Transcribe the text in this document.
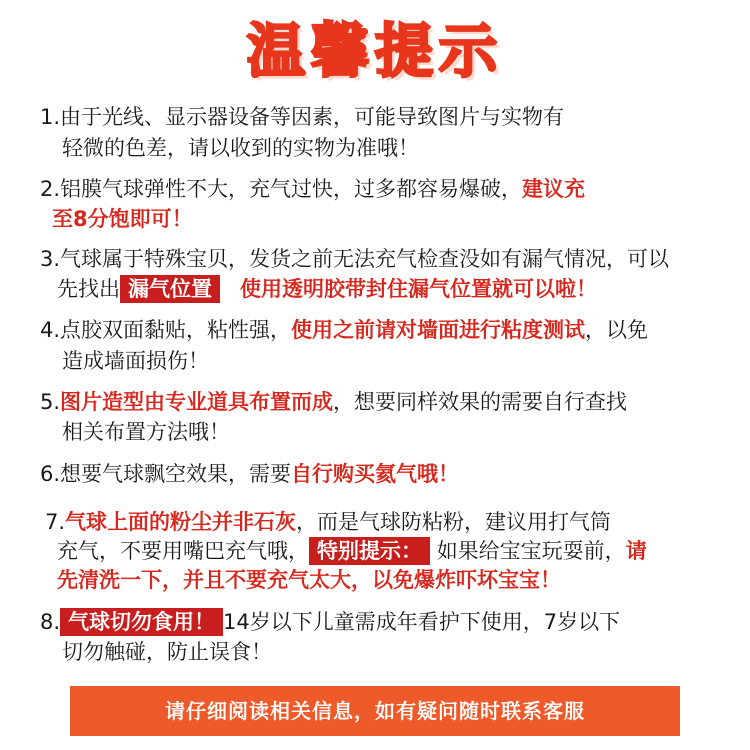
温馨提示
1.由于光线、显示器设备等因素，可能导致图片与实物有
轻微的色差，请以收到的实物为准哦！
2.铝膜气球弹性不大，充气过快，过多都容易爆破，建议充
至8分饱即可！
3.气球属于特殊宝贝，发货之前无法充气检查没如有漏气情况，可以
先找出 漏气位置 使用透明胶带封住漏气位置就可以啦！
4.点胶双面黏贴，粘性强，使用之前请对墙面进行粘度测试，以免
造成墙面损伤！
5.图片造型由专业道具布置而成，想要同样效果的需要自行查找
相关布置方法哦！
6.想要气球飘空效果，需要自行购买氦气哦！
7.气球上面的粉尘并非石灰，而是气球防粘粉，建议用打气筒
充气，不要用嘴巴充气哦， 特别提示： 如果给宝宝玩耍前，请
先清洗一下，并且不要充气太大，以免爆炸吓坏宝宝！
8. 气球切勿食用！ 14岁以下儿童需成年看护下使用，7岁以下
切勿触碰，防止误食！
请仔细阅读相关信息，如有疑问随时联系客服
